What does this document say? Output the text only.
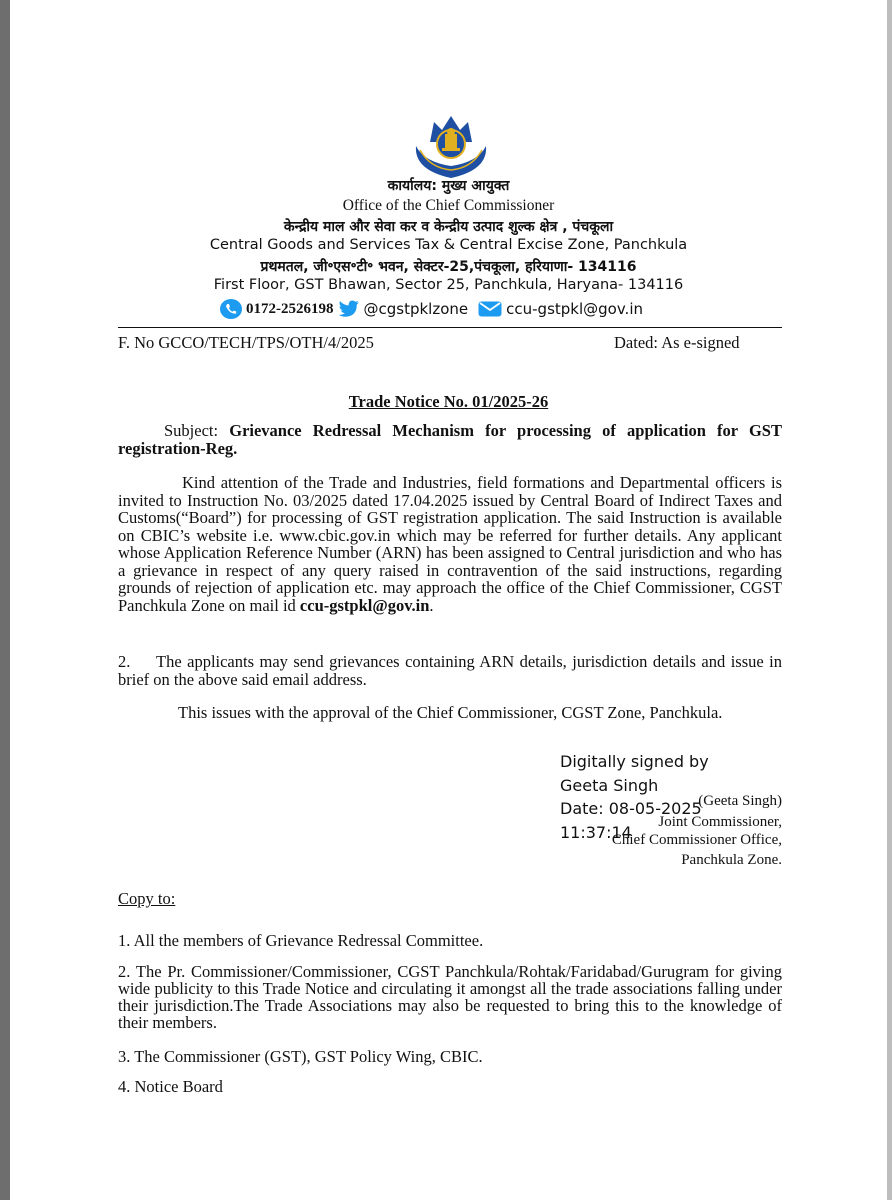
कार्यालय: मुख्य आयुक्त
Office of the Chief Commissioner
केन्द्रीय माल और सेवा कर व केन्द्रीय उत्पाद शुल्क क्षेत्र , पंचकूला
Central Goods and Services Tax & Central Excise Zone, Panchkula
प्रथमतल, जी॰एस॰टी॰ भवन, सेक्टर-25,पंचकूला, हरियाणा- 134116
First Floor, GST Bhawan, Sector 25, Panchkula, Haryana- 134116
0172-2526198 @cgstpklzone	ccu-gstpkl@gov.in
F. No GCCO/TECH/TPS/OTH/4/2025	Dated: As e-signed
Trade Notice No. 01/2025-26
Subject: Grievance Redressal Mechanism for processing of application for GST registration-Reg.
Kind attention of the Trade and Industries, field formations and Departmental officers is invited to Instruction No. 03/2025 dated 17.04.2025 issued by Central Board of Indirect Taxes and Customs(“Board”) for processing of GST registration application. The said Instruction is available on CBIC’s website i.e. www.cbic.gov.in which may be referred for further details. Any applicant whose Application Reference Number (ARN) has been assigned to Central jurisdiction and who has a grievance in respect of any query raised in contravention of the said instructions, regarding grounds of rejection of application etc. may approach the office of the Chief Commissioner, CGST Panchkula Zone on mail id ccu-gstpkl@gov.in.
2. The applicants may send grievances containing ARN details, jurisdiction details and issue in brief on the above said email address.
This issues with the approval of the Chief Commissioner, CGST Zone, Panchkula.
Digitally signed by
Geeta Singh
Date: 08-05-2025
11:37:14
(Geeta Singh)
Joint Commissioner,
Chief Commissioner Office,
Panchkula Zone.
Copy to:
1. All the members of Grievance Redressal Committee.
2. The Pr. Commissioner/Commissioner, CGST Panchkula/Rohtak/Faridabad/Gurugram for giving wide publicity to this Trade Notice and circulating it amongst all the trade associations falling under their jurisdiction.The Trade Associations may also be requested to bring this to the knowledge of their members.
3. The Commissioner (GST), GST Policy Wing, CBIC.
4. Notice Board
